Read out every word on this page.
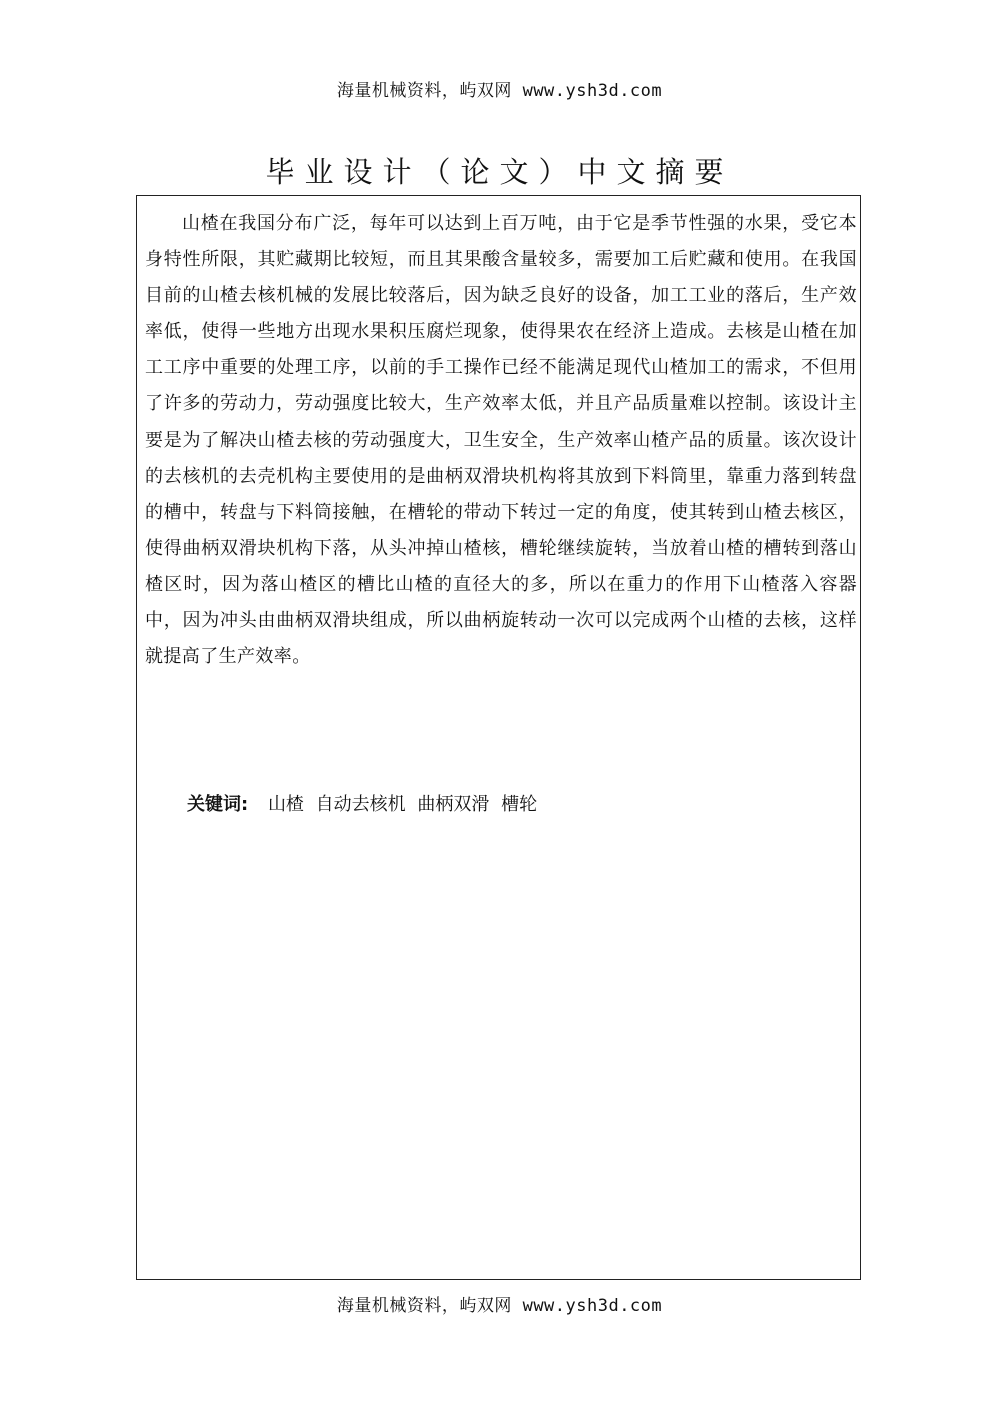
海量机械资料，屿双网 www.ysh3d.com
毕业设计（论文）中文摘要

山楂在我国分布广泛，每年可以达到上百万吨，由于它是季节性强的水果，受它本身特性所限，其贮藏期比较短，而且其果酸含量较多，需要加工后贮藏和使用。在我国目前的山楂去核机械的发展比较落后，因为缺乏良好的设备，加工工业的落后，生产效率低，使得一些地方出现水果积压腐烂现象，使得果农在经济上造成。去核是山楂在加工工序中重要的处理工序，以前的手工操作已经不能满足现代山楂加工的需求，不但用了许多的劳动力，劳动强度比较大，生产效率太低，并且产品质量难以控制。该设计主要是为了解决山楂去核的劳动强度大，卫生安全，生产效率山楂产品的质量。该次设计的去核机的去壳机构主要使用的是曲柄双滑块机构将其放到下料筒里，靠重力落到转盘的槽中，转盘与下料筒接触，在槽轮的带动下转过一定的角度，使其转到山楂去核区，使得曲柄双滑块机构下落，从头冲掉山楂核，槽轮继续旋转，当放着山楂的槽转到落山楂区时，因为落山楂区的槽比山楂的直径大的多，所以在重力的作用下山楂落入容器中，因为冲头由曲柄双滑块组成，所以曲柄旋转动一次可以完成两个山楂的去核，这样就提高了生产效率。

关键词: 山楂 自动去核机 曲柄双滑 槽轮
海量机械资料，屿双网 www.ysh3d.com
